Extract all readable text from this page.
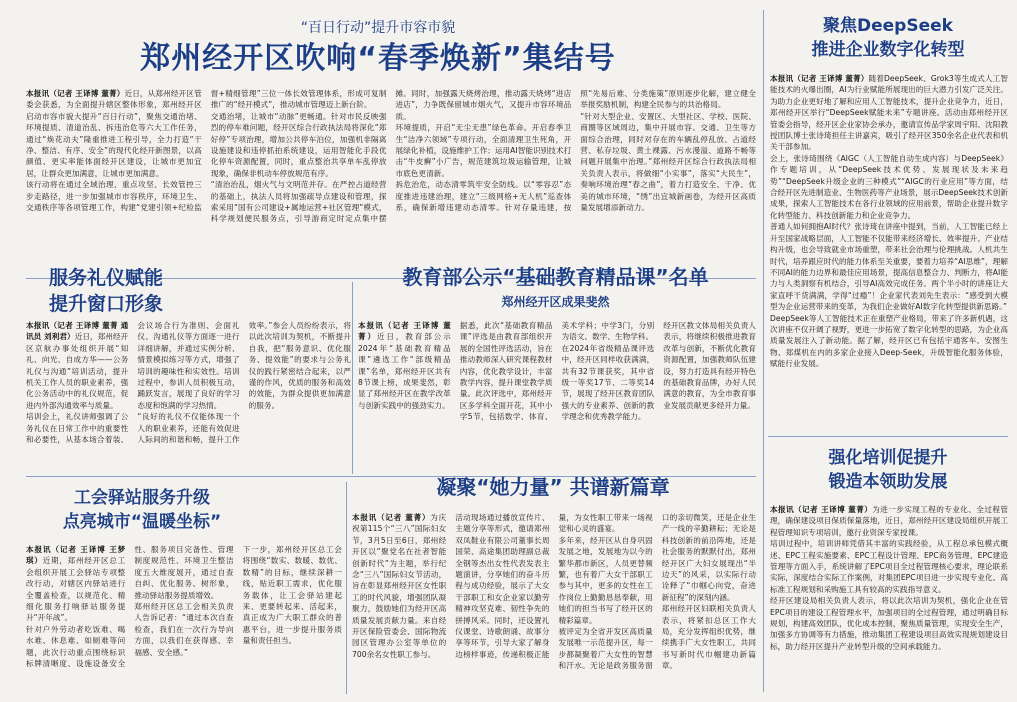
“百日行动”提升市容市貌

郑州经开区吹响“春季焕新”集结号

本报讯（记者 王译博 董菁）近日，从郑州经开区管委会获悉，为全面提升辖区整体形象，郑州经开区启动市容市貌大提升“百日行动”，聚焦交通治堵、环境提质、清道治乱、拆违治危等六大工作任务，通过“焕花动夫”隆重推进工程引导，全力打造“干净、整洁、有序、安全”的现代化经开新图景，以高颜值、更实率能体面经开区建设，让城市更加宜居，让群众更加满意，让城市更加满意。

该行动将在通过全域治理、重点攻坚、长效管控三步走路径，进一步加强城市市容秩序，环境卫生、交通秩序等各项管理工作，构建“党建引领+纪检监督+精细管理”三位一体长效管理体系，形成可复制推广的“经开模式”，推动城市管理迈上新台阶。

交通治堵，让城市“动脉”更畅通。针对市民反映强烈的停车难问题，经开区综合行政执法局将深化“郑好停”专项治理，增加公共停车泊位，加强机非隔离设施建设和违停抓拍系统建设，运用智能化手段优化停车资源配置，同时，重点整治共享单车乱停放现象，确保非机动车停放规范有序。

“清治治乱，烟火气与文明范并存。在严控占道经营的基础上，执法人员将加强疏导点建设和管理，探索采用“国有公司建设+属地运营+社区管理”模式，科学规划便民服务点，引导游商定时定点集中摆摊。同时，加强露天烧烤治理，推动露天烧烤“进店进店”，力争既保留城市烟火气，又提升市容环境品质。

环境提质，开启“无尘无患”绿色革命。开启春季卫生“洁净六领域”专项行动，全面清理卫生死角，开展绿化补植，设施维护工作；运用AI智能识别技术打击“牛皮癣”小广告，规范建筑垃圾运输管理，让城市底色更清新。

拆危治危，动态清零筑牢安全防线。以“零容忍”态度推进违建治理，建立“三级网格+无人机”巡查体系，确保新增违建动态清零。针对存量违建，按照“先易后难、分类施策”原则逐步化解，建立健全举报奖励机制，构建全民参与的共治格局。

“针对大型企业、安置区、大型社区、学校、医院、商圈等区域周边，集中开展市容、交通、卫生等方面综合治理，同时对存在的车辆乱停乱放、占道经营、私存垃圾、黄土裸露、污水漫溢、道路不畅等问题开展集中治理。”郑州经开区综合行政执法局相关负责人表示，将做细“小实事”，落实“大民生”，奏响环境治理“春之曲”，着力打造安全、干净、优美的城市环境，“绣”出宜城新画卷，为经开区高质量发展增添新动力。

服务礼仪赋能

提升窗口形象

本报讯（记者 王译博 董菁 通讯员 刘利君）近日，郑州经开区京航办事处组织开展“知礼、向光、自成方华——公务礼仪与沟通”培训活动，提升机关工作人员的职业素养，强化公务活动中的礼仪规范，促进内外部沟通效率与质量。

培训会上，礼仪讲师强调了公务礼仪在日常工作中的重要性和必要性，从基本场合着装、会议场合行为准则、会面礼仪、沟通礼仪等方面逐一进行详细讲解，并通过实例分析、情景模拟练习等方式，增强了培训的趣味性和实效性。培训过程中，参训人员积极互动，踊跃发言，展现了良好的学习态度和饱满的学习热情。

“良好的礼仪不仅能体现一个人的职业素养，还能有效促进人际间的和谐和畅，提升工作效率。”参会人员纷纷表示，将以此次培训为契机，不断提升自我，把“服务意识、优化服务、提效能”的要求与公务礼仪的践行紧密结合起来，以严谨的作风，优质的服务和高效的效能，为群众提供更加满意的服务。

教育部公示“基础教育精品课”名单

郑州经开区成果斐然

本报讯（记者 王译博 董菁）近日，教育部公示2024年“基础教育精品课”遴选工作“部级精品课”名单，郑州经开区共有8节课上榜，成果斐然，彰显了郑州经开区在教学改革与创新实践中的强劲实力。

据悉，此次“基础教育精品课”评选是由教育部组织开展的全国性评选活动，旨在推动教师深入研究课程教材内容，优化教学设计，丰富教学内容，提升课堂教学质量。此次评选中，郑州经开区多学科全面开花，其中小学5节，包括数学、体育、美术学科；中学3门，分别为语文、数学、生物学科。

在2024年省级精品课评选中，经开区同样收获满满，共有32节课获奖，其中省级一等奖17节、二等奖14节，展现了经开区教育团队强大的专业素养、创新的教学理念和优秀教学能力。

经开区教文体局相关负责人表示，将继续积极推进教育改革与创新，不断优化教育资源配置，加强教师队伍建设，努力打造具有经开特色的基础教育品牌，办好人民满意的教育，为全市教育事业发展贡献更多经开力量。

工会驿站服务升级

点亮城市“温暖坐标”

本报讯（记者 王译博 王梦琪）近期，郑州经开区总工会组织开展工会驿站专项整改行动，对辖区内驿站进行全覆盖检查，以规范化、精细化服务打响驿站服务提升“开年战”。

针对户外劳动者吃饭难、喝水难、休息难、如厕难等问题，此次行动重点围绕标识标牌清晰度、设施设备安全性、服务项目完备性、管理制度规范性、环境卫生整洁度五大维度展开，通过自查自纠、优化服务、树形象，推动驿站服务提质增效。

郑州经开区总工会相关负责人告诉记者：“通过本次自查检查，我们在一次行为导向方面，以我们在获得感、幸福感、安全感。”

下一步，郑州经开区总工会将围绕“数实、数暖、数优、数精”的目标，继续深耕一线，贴近职工需求，优化服务载体，让工会驿站建起来、更要转起来、活起来，真正成为广大职工群众的普惠平台，进一步提升服务质量和责任担当。

凝聚“她力量” 共谱新篇章

本报讯（记者 董菁）为庆祝第115个“三八”国际妇女节，3月5日至6日，郑州经开区以“聚党名在社者智能创新时代”为主题，举行纪念“三八”国际妇女节活动，旨在彰显郑州经开区女性职工的时代风貌，增强团队凝聚力，鼓励她们为经开区高质量发展贡献力量。来自经开区保险管委会、国际物流园区管理办公室等单位的700余名女性职工参与。

活动现场通过播放宣传片、主题分享等形式，邀请郑州双凤鞋业有限公司董事长周国荣、高途集团助理副总裁全钢等杰出女性代表发表主题演讲，分享她们的奋斗历程与成功经验，展示了大女干部职工和女企业家以勤劳精神攻坚克难、韧性争先的拼搏风采。同时，还设置礼仪课堂、诗歌朗诵、故事分享等环节，引导大家了解身边榜样事迹，传递积极正能量，为女性职工带来一场视觉和心灵的盛宴。

多年来，经开区从自身巩固发展之地，发展地为以今的繁华都市新区，人员更替频繁，也有着广大女干部职工参与其中，更多的女性在工作岗位上勤勤恳恳奉献，用她们的担当书写了经开区的精彩篇章。

被评定为全省开发区高质量发展唯一示范提升区，每一步都凝聚着广大女性的智慧和汗水。无论是政务服务窗口的亲切微笑，还是企业生产一线的辛勤耕耘；无论是科技创新的前沿阵地，还是社会服务的默默付出，郑州经开区广大妇女展现出“半边天”的风采，以实际行动诠释了“巾帼心向党，奋进新征程”的深刻内涵。

郑州经开区妇联相关负责人表示，将紧扣总区工作大局，充分发挥组织优势，继续携手广大女性职工，共同书写新时代巾帼建功新篇章。

聚焦DeepSeek

推进企业数字化转型

本报讯（记者 王译博 董菁）随着DeepSeek、Grok3等生成式人工智能技术的火爆出圈，AI为行业赋能所展现出的巨大潜力引发广泛关注。为助力企业更好地了解和应用人工智能技术，提升企业竞争力，近日，郑州经开区举行“DeepSeek赋能未来”专题讲座。活动由郑州经开区管委会指导，经开区企业家协会承办，邀请宣传品学家周宇阳、沈阳教授团队博士张诗琦担任主讲嘉宾，吸引了经开区350余名企业代表和机关干部参加。

会上，张诗琦围绕《AIGC（人工智能自动生成内容）与DeepSeek》作专题培训，从“DeepSeek技术优势、发展现状及未来趋势”“DeepSeek升级企业的三种模式”“AIGC的行业应用”等方面，结合经开区先进制造业、生物医药等产业场景，展示DeepSeek技术创新成果，探索人工智能技术在各行业领域的应用前景，帮助企业提升数字化转型能力、科技创新能力和企业竞争力。

普通人如何拥抱AI时代？张诗琦在讲座中提到，当前，人工智能已经上升至国家战略层面，人工智能不仅能带来经济增长、效率提升、产业结构升级，也会导致就业市场重塑，带来社会治理与伦理挑战。人机共生时代，培养跟应时代的能力体系至关重要，要着力培养“AI思维”，理解不同AI的能力边界和最佳应用场景，提高信息整合力、判断力，将AI能力与人类洞察有机结合，引导AI高效完成任务。两个半小时的讲座让大家直呼干货满满，学得“过瘾”！企业家代表刘先生表示：“感受到大模型为企业运营带来的变革，为我们企业做好AI数字化转型提供新思路。”

DeepSeek等人工智能技术正在重塑产业格局，带来了许多新机遇，这次讲座不仅开阔了视野，更进一步拓宽了数字化转型的思路，为企业高质量发展注入了新动能。据了解，经开区已有包括宇通客车、安图生物、郑煤机在内的多家企业接入Deep-Seek，升级智能化服务体验，赋能行业发展。

强化培训促提升

锻造本领助发展

本报讯（记者 王译博 董菁）为进一步实现工程的专业化、全过程管理，确保建设项目保质保量落地，近日，郑州经开区建设局组织开展工程管理知识专项培训，邀行业资深专家授课。

培训过程中，培训讲师凭借其丰富的实践经验，从工程总承包模式概述、EPC工程实施要素、EPC工程设计管理、EPC商务管理、EPC建造管理等方面入手，系统讲解了EPC项目全过程管理核心要求，理论联系实际，深度结合实际工作案例，对集团EPC项目进一步实现专业化、高标准工程规划和采购施工具有较高的实践指导意义。

经开区建设局相关负责人表示，将以此次培训为契机，强化企业在管EPC项目的建设工程管理水平，加强项目的全过程管理，通过明确目标规划，构建高效团队，优化成本控制，聚焦质量管理，实现安全生产，加强多方协调等有力措施，推动集团工程建设项目高效实现规划建设目标，助力经开区提升产业转型升级的空间承载能力。
